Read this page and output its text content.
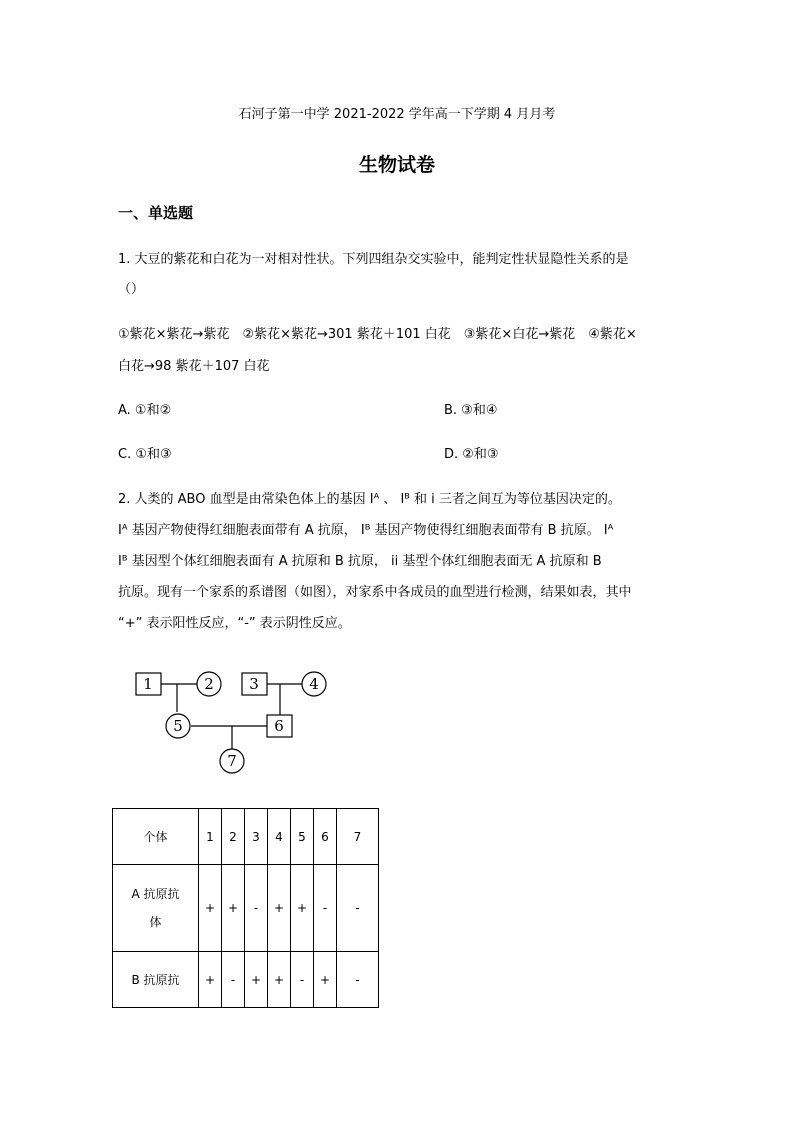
石河子第一中学 2021-2022 学年高一下学期 4 月月考
生物试卷
一、单选题
1. 大豆的紫花和白花为一对相对性状。下列四组杂交实验中，能判定性状显隐性关系的是
（）
①紫花×紫花→紫花　②紫花×紫花→301 紫花＋101 白花　③紫花×白花→紫花　④紫花×
白花→98 紫花＋107 白花
A. ①和②	B. ③和④
C. ①和③	D. ②和③
2. 人类的 ABO 血型是由常染色体上的基因 Iᴬ 、 Iᴮ 和 i 三者之间互为等位基因决定的。
Iᴬ 基因产物使得红细胞表面带有 A 抗原， Iᴮ 基因产物使得红细胞表面带有 B 抗原。 Iᴬ
Iᴮ 基因型个体红细胞表面有 A 抗原和 B 抗原， ii 基型个体红细胞表面无 A 抗原和 B
抗原。现有一个家系的系谱图（如图），对家系中各成员的血型进行检测，结果如表，其中
“+” 表示阳性反应，“-” 表示阴性反应。
1	2 3	4
5	6
7
个体	1	2	3	4	5	6	7
A 抗原抗
体	+	+	-	+	+	-	-
B 抗原抗	+	-	+	+	-	+	-
